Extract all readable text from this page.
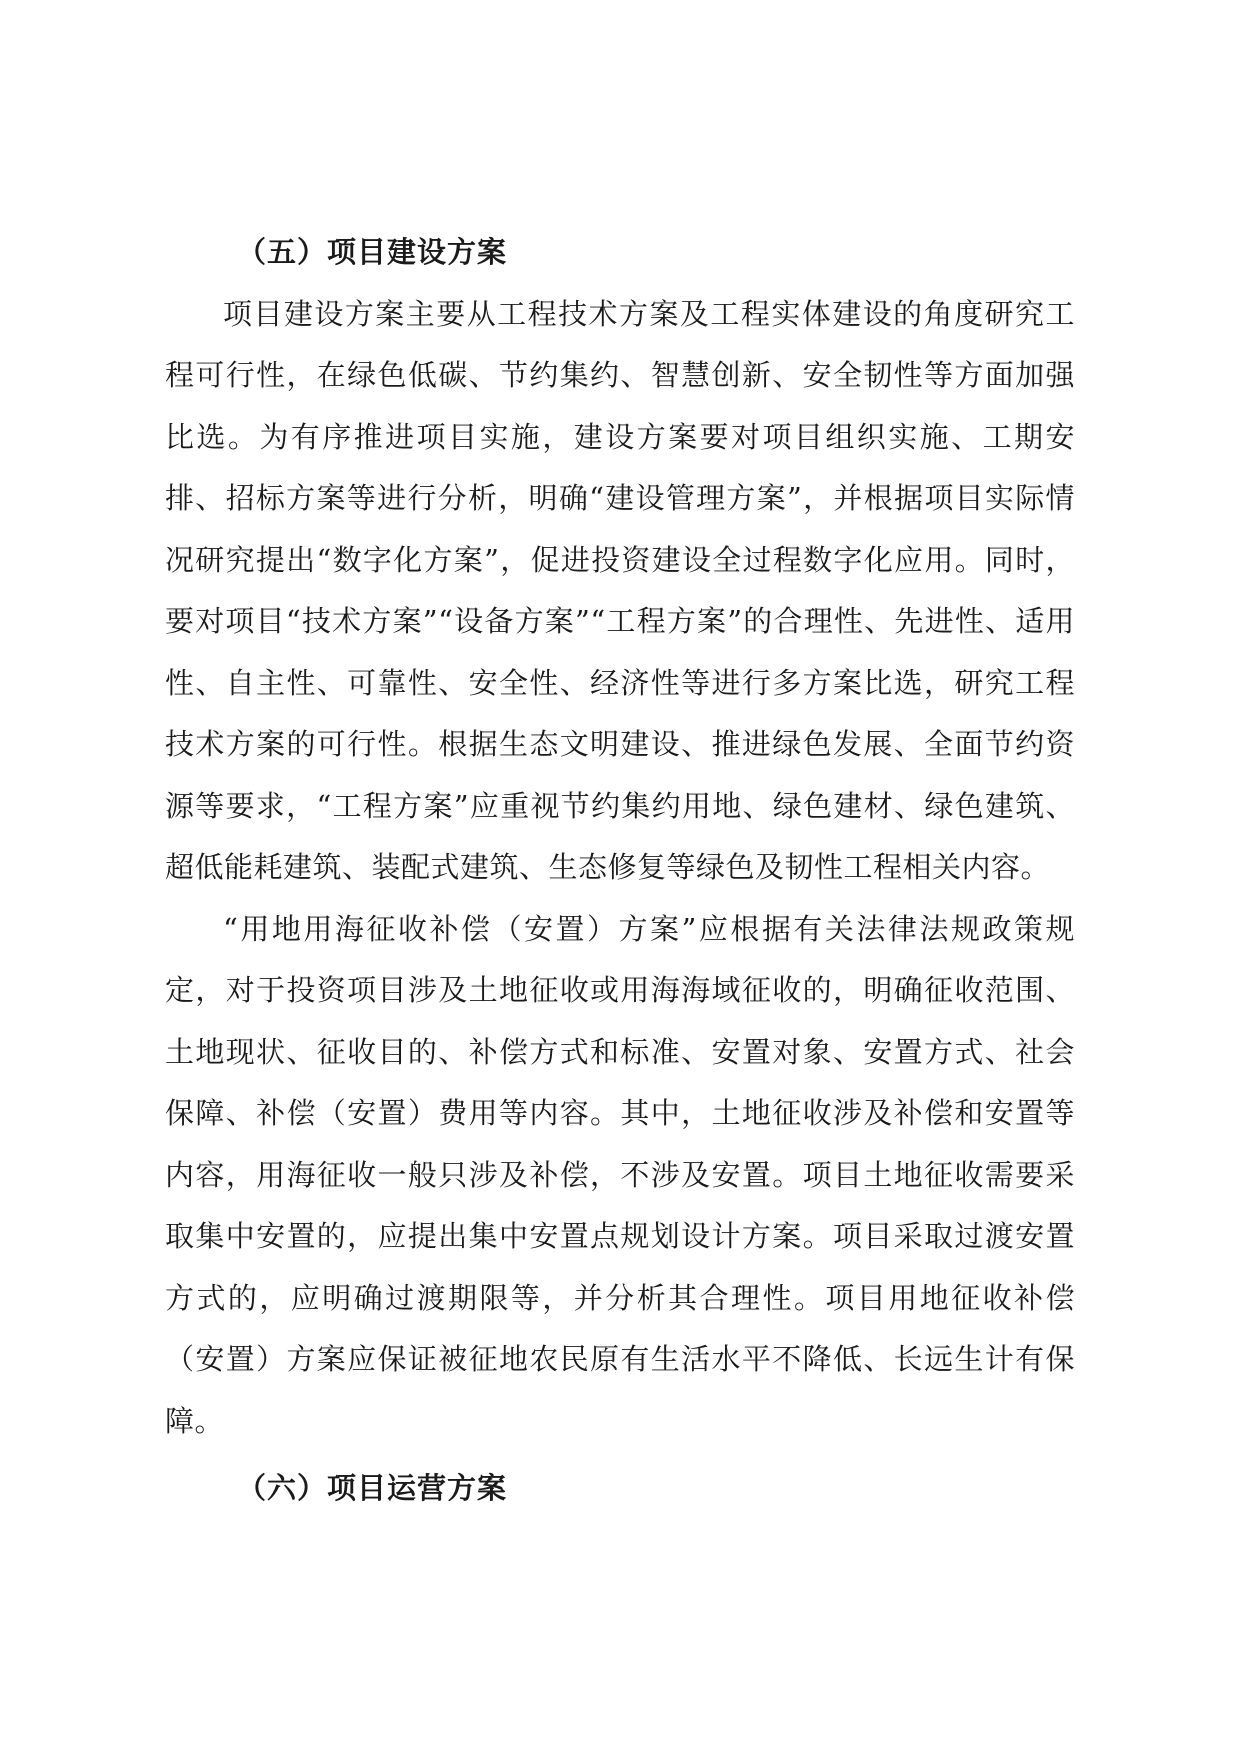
（五）项目建设方案

项目建设方案主要从工程技术方案及工程实体建设的角度研究工程可行性，在绿色低碳、节约集约、智慧创新、安全韧性等方面加强比选。为有序推进项目实施，建设方案要对项目组织实施、工期安排、招标方案等进行分析，明确“建设管理方案”，并根据项目实际情况研究提出“数字化方案”，促进投资建设全过程数字化应用。同时，要对项目“技术方案”“设备方案”“工程方案”的合理性、先进性、适用性、自主性、可靠性、安全性、经济性等进行多方案比选，研究工程技术方案的可行性。根据生态文明建设、推进绿色发展、全面节约资源等要求，“工程方案”应重视节约集约用地、绿色建材、绿色建筑、超低能耗建筑、装配式建筑、生态修复等绿色及韧性工程相关内容。

“用地用海征收补偿（安置）方案”应根据有关法律法规政策规定，对于投资项目涉及土地征收或用海海域征收的，明确征收范围、土地现状、征收目的、补偿方式和标准、安置对象、安置方式、社会保障、补偿（安置）费用等内容。其中，土地征收涉及补偿和安置等内容，用海征收一般只涉及补偿，不涉及安置。项目土地征收需要采取集中安置的，应提出集中安置点规划设计方案。项目采取过渡安置方式的，应明确过渡期限等，并分析其合理性。项目用地征收补偿（安置）方案应保证被征地农民原有生活水平不降低、长远生计有保障。

（六）项目运营方案
